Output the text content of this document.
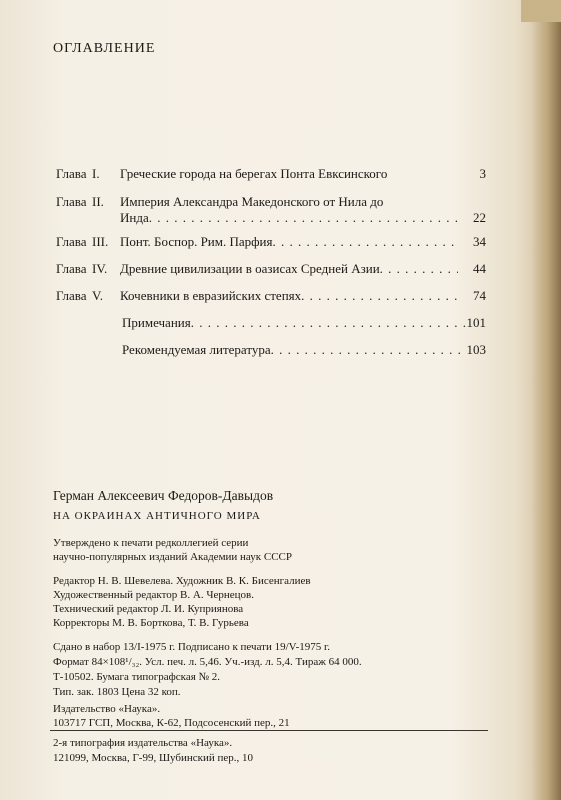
ОГЛАВЛЕНИЕ
Глава I.	Греческие города на берегах Понта Евксинского	3
Глава II.	Империя Александра Македонского от Нила до
Инда . . .	22
Глава III. Понт. Боспор. Рим. Парфия . . .	34
Глава IV. Древние цивилизации в оазисах Средней Азии . . .	44
Глава V.	Кочевники в евразийских степях . . .	74
Примечания . . .	101
Рекомендуемая литература . . .	103
Герман Алексеевич Федоров-Давыдов
НА ОКРАИНАХ АНТИЧНОГО МИРА
Утверждено к печати редколлегией серии
научно-популярных изданий Академии наук СССР
Редактор Н. В. Шевелева. Художник В. К. Бисенгалиев
Художественный редактор В. А. Чернецов.
Технический редактор Л. И. Куприянова
Корректоры М. В. Борткова, Т. В. Гурьева
Сдано в набор 13/I-1975 г. Подписано к печати 19/V-1975 г.
Формат 84×108¹/₃₂. Усл. печ. л. 5,46. Уч.-изд. л. 5,4. Тираж 64 000.
Т-10502. Бумага типографская № 2.
Тип. зак. 1803 Цена 32 коп.
Издательство «Наука».
103717 ГСП, Москва, К-62, Подсосенский пер., 21
2-я типография издательства «Наука».
121099, Москва, Г-99, Шубинский пер., 10
